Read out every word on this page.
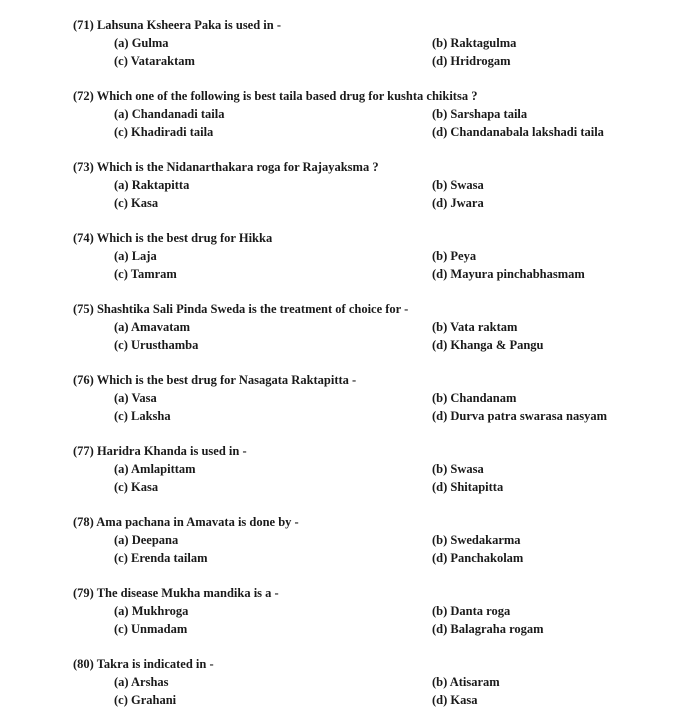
(71) Lahsuna Ksheera Paka is used in -
(a) Gulma	(b) Raktagulma
(c) Vataraktam	(d) Hridrogam
(72) Which one of the following is best taila based drug for kushta chikitsa ?
(a) Chandanadi taila	(b) Sarshapa taila
(c) Khadiradi taila	(d) Chandanabala lakshadi taila
(73) Which is the Nidanarthakara roga for Rajayaksma ?
(a) Raktapitta	(b) Swasa
(c) Kasa	(d) Jwara
(74) Which is the best drug for Hikka
(a) Laja	(b) Peya
(c) Tamram	(d) Mayura pinchabhasmam
(75) Shashtika Sali Pinda Sweda is the treatment of choice for -
(a) Amavatam	(b) Vata raktam
(c) Urusthamba	(d) Khanga & Pangu
(76) Which is the best drug for Nasagata Raktapitta -
(a) Vasa	(b) Chandanam
(c) Laksha	(d) Durva patra swarasa nasyam
(77) Haridra Khanda is used in -
(a) Amlapittam	(b) Swasa
(c) Kasa	(d) Shitapitta
(78) Ama pachana in Amavata is done by -
(a) Deepana	(b) Swedakarma
(c) Erenda tailam	(d) Panchakolam
(79) The disease Mukha mandika is a -
(a) Mukhroga	(b) Danta roga
(c) Unmadam	(d) Balagraha rogam
(80) Takra is indicated in -
(a) Arshas	(b) Atisaram
(c) Grahani	(d) Kasa
